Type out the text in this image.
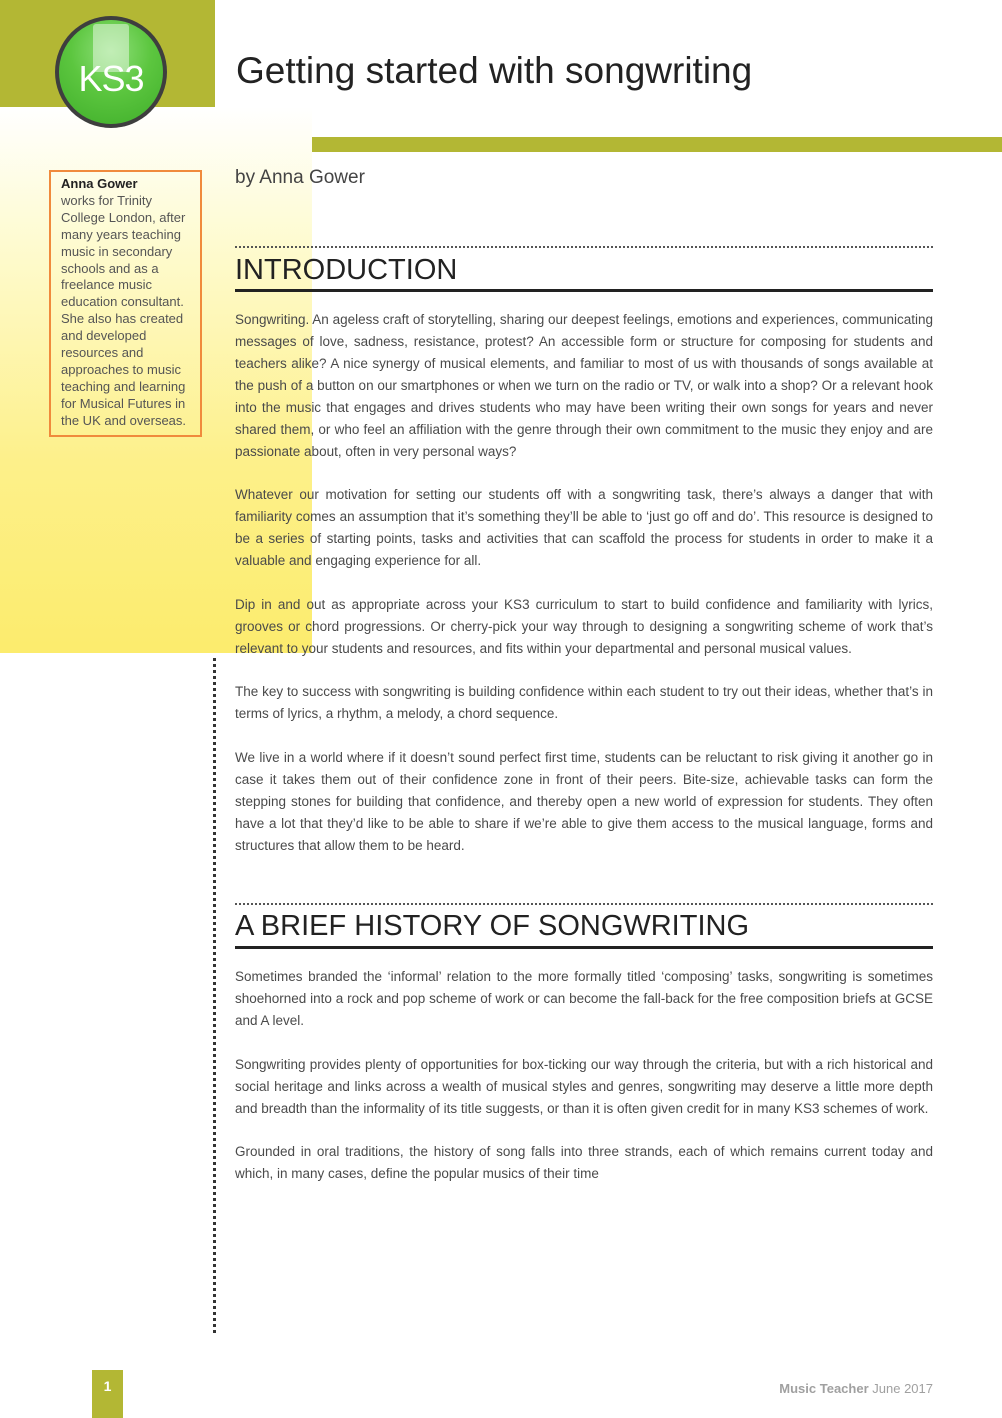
KS3	Getting started with songwriting
Anna Gower
works for Trinity College London, after many years teaching music in secondary schools and as a freelance music education consultant. She also has created and developed resources and approaches to music teaching and learning for Musical Futures in the UK and overseas.
by Anna Gower
INTRODUCTION

Songwriting. An ageless craft of storytelling, sharing our deepest feelings, emotions and experiences, communicating messages of love, sadness, resistance, protest? An accessible form or structure for composing for students and teachers alike? A nice synergy of musical elements, and familiar to most of us with thousands of songs available at the push of a button on our smartphones or when we turn on the radio or TV, or walk into a shop? Or a relevant hook into the music that engages and drives students who may have been writing their own songs for years and never shared them, or who feel an affiliation with the genre through their own commitment to the music they enjoy and are passionate about, often in very personal ways?

Whatever our motivation for setting our students off with a songwriting task, there’s always a danger that with familiarity comes an assumption that it’s something they’ll be able to ‘just go off and do’. This resource is designed to be a series of starting points, tasks and activities that can scaffold the process for students in order to make it a valuable and engaging experience for all.

Dip in and out as appropriate across your KS3 curriculum to start to build confidence and familiarity with lyrics, grooves or chord progressions. Or cherry-pick your way through to designing a songwriting scheme of work that’s relevant to your students and resources, and fits within your departmental and personal musical values.

The key to success with songwriting is building confidence within each student to try out their ideas, whether that’s in terms of lyrics, a rhythm, a melody, a chord sequence.

We live in a world where if it doesn’t sound perfect first time, students can be reluctant to risk giving it another go in case it takes them out of their confidence zone in front of their peers. Bite-size, achievable tasks can form the stepping stones for building that confidence, and thereby open a new world of expression for students. They often have a lot that they’d like to be able to share if we’re able to give them access to the musical language, forms and structures that allow them to be heard.

A BRIEF HISTORY OF SONGWRITING

Sometimes branded the ‘informal’ relation to the more formally titled ‘composing’ tasks, songwriting is sometimes shoehorned into a rock and pop scheme of work or can become the fall-back for the free composition briefs at GCSE and A level.

Songwriting provides plenty of opportunities for box-ticking our way through the criteria, but with a rich historical and social heritage and links across a wealth of musical styles and genres, songwriting may deserve a little more depth and breadth than the informality of its title suggests, or than it is often given credit for in many KS3 schemes of work.

Grounded in oral traditions, the history of song falls into three strands, each of which remains current today and which, in many cases, define the popular musics of their time

1	Music Teacher June 2017
